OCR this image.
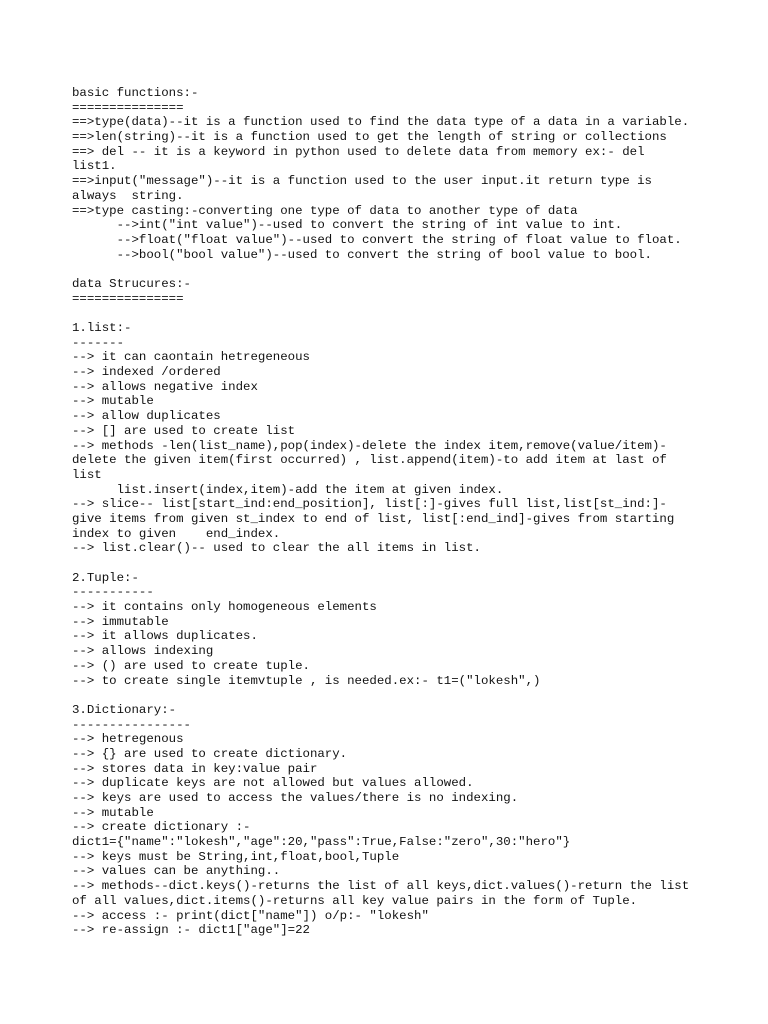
basic functions:-
===============
==>type(data)--it is a function used to find the data type of a data in a variable.
==>len(string)--it is a function used to get the length of string or collections
==> del -- it is a keyword in python used to delete data from memory ex:- del
list1.
==>input("message")--it is a function used to the user input.it return type is
always  string.
==>type casting:-converting one type of data to another type of data
-->int("int value")--used to convert the string of int value to int.
-->float("float value")--used to convert the string of float value to float.
-->bool("bool value")--used to convert the string of bool value to bool.
data Strucures:-
===============
1.list:-
-------
--> it can caontain hetregeneous
--> indexed /ordered
--> allows negative index
--> mutable
--> allow duplicates
--> [] are used to create list
--> methods -len(list_name),pop(index)-delete the index item,remove(value/item)-
delete the given item(first occurred) , list.append(item)-to add item at last of
list
list.insert(index,item)-add the item at given index.
--> slice-- list[start_ind:end_position], list[:]-gives full list,list[st_ind:]-
give items from given st_index to end of list, list[:end_ind]-gives from starting
index to given    end_index.
--> list.clear()-- used to clear the all items in list.
2.Tuple:-
-----------
--> it contains only homogeneous elements
--> immutable
--> it allows duplicates.
--> allows indexing
--> () are used to create tuple.
--> to create single itemvtuple , is needed.ex:- t1=("lokesh",)
3.Dictionary:-
----------------
--> hetregenous
--> {} are used to create dictionary.
--> stores data in key:value pair
--> duplicate keys are not allowed but values allowed.
--> keys are used to access the values/there is no indexing.
--> mutable
--> create dictionary :-
dict1={"name":"lokesh","age":20,"pass":True,False:"zero",30:"hero"}
--> keys must be String,int,float,bool,Tuple
--> values can be anything..
--> methods--dict.keys()-returns the list of all keys,dict.values()-return the list
of all values,dict.items()-returns all key value pairs in the form of Tuple.
--> access :- print(dict["name"]) o/p:- "lokesh"
--> re-assign :- dict1["age"]=22
